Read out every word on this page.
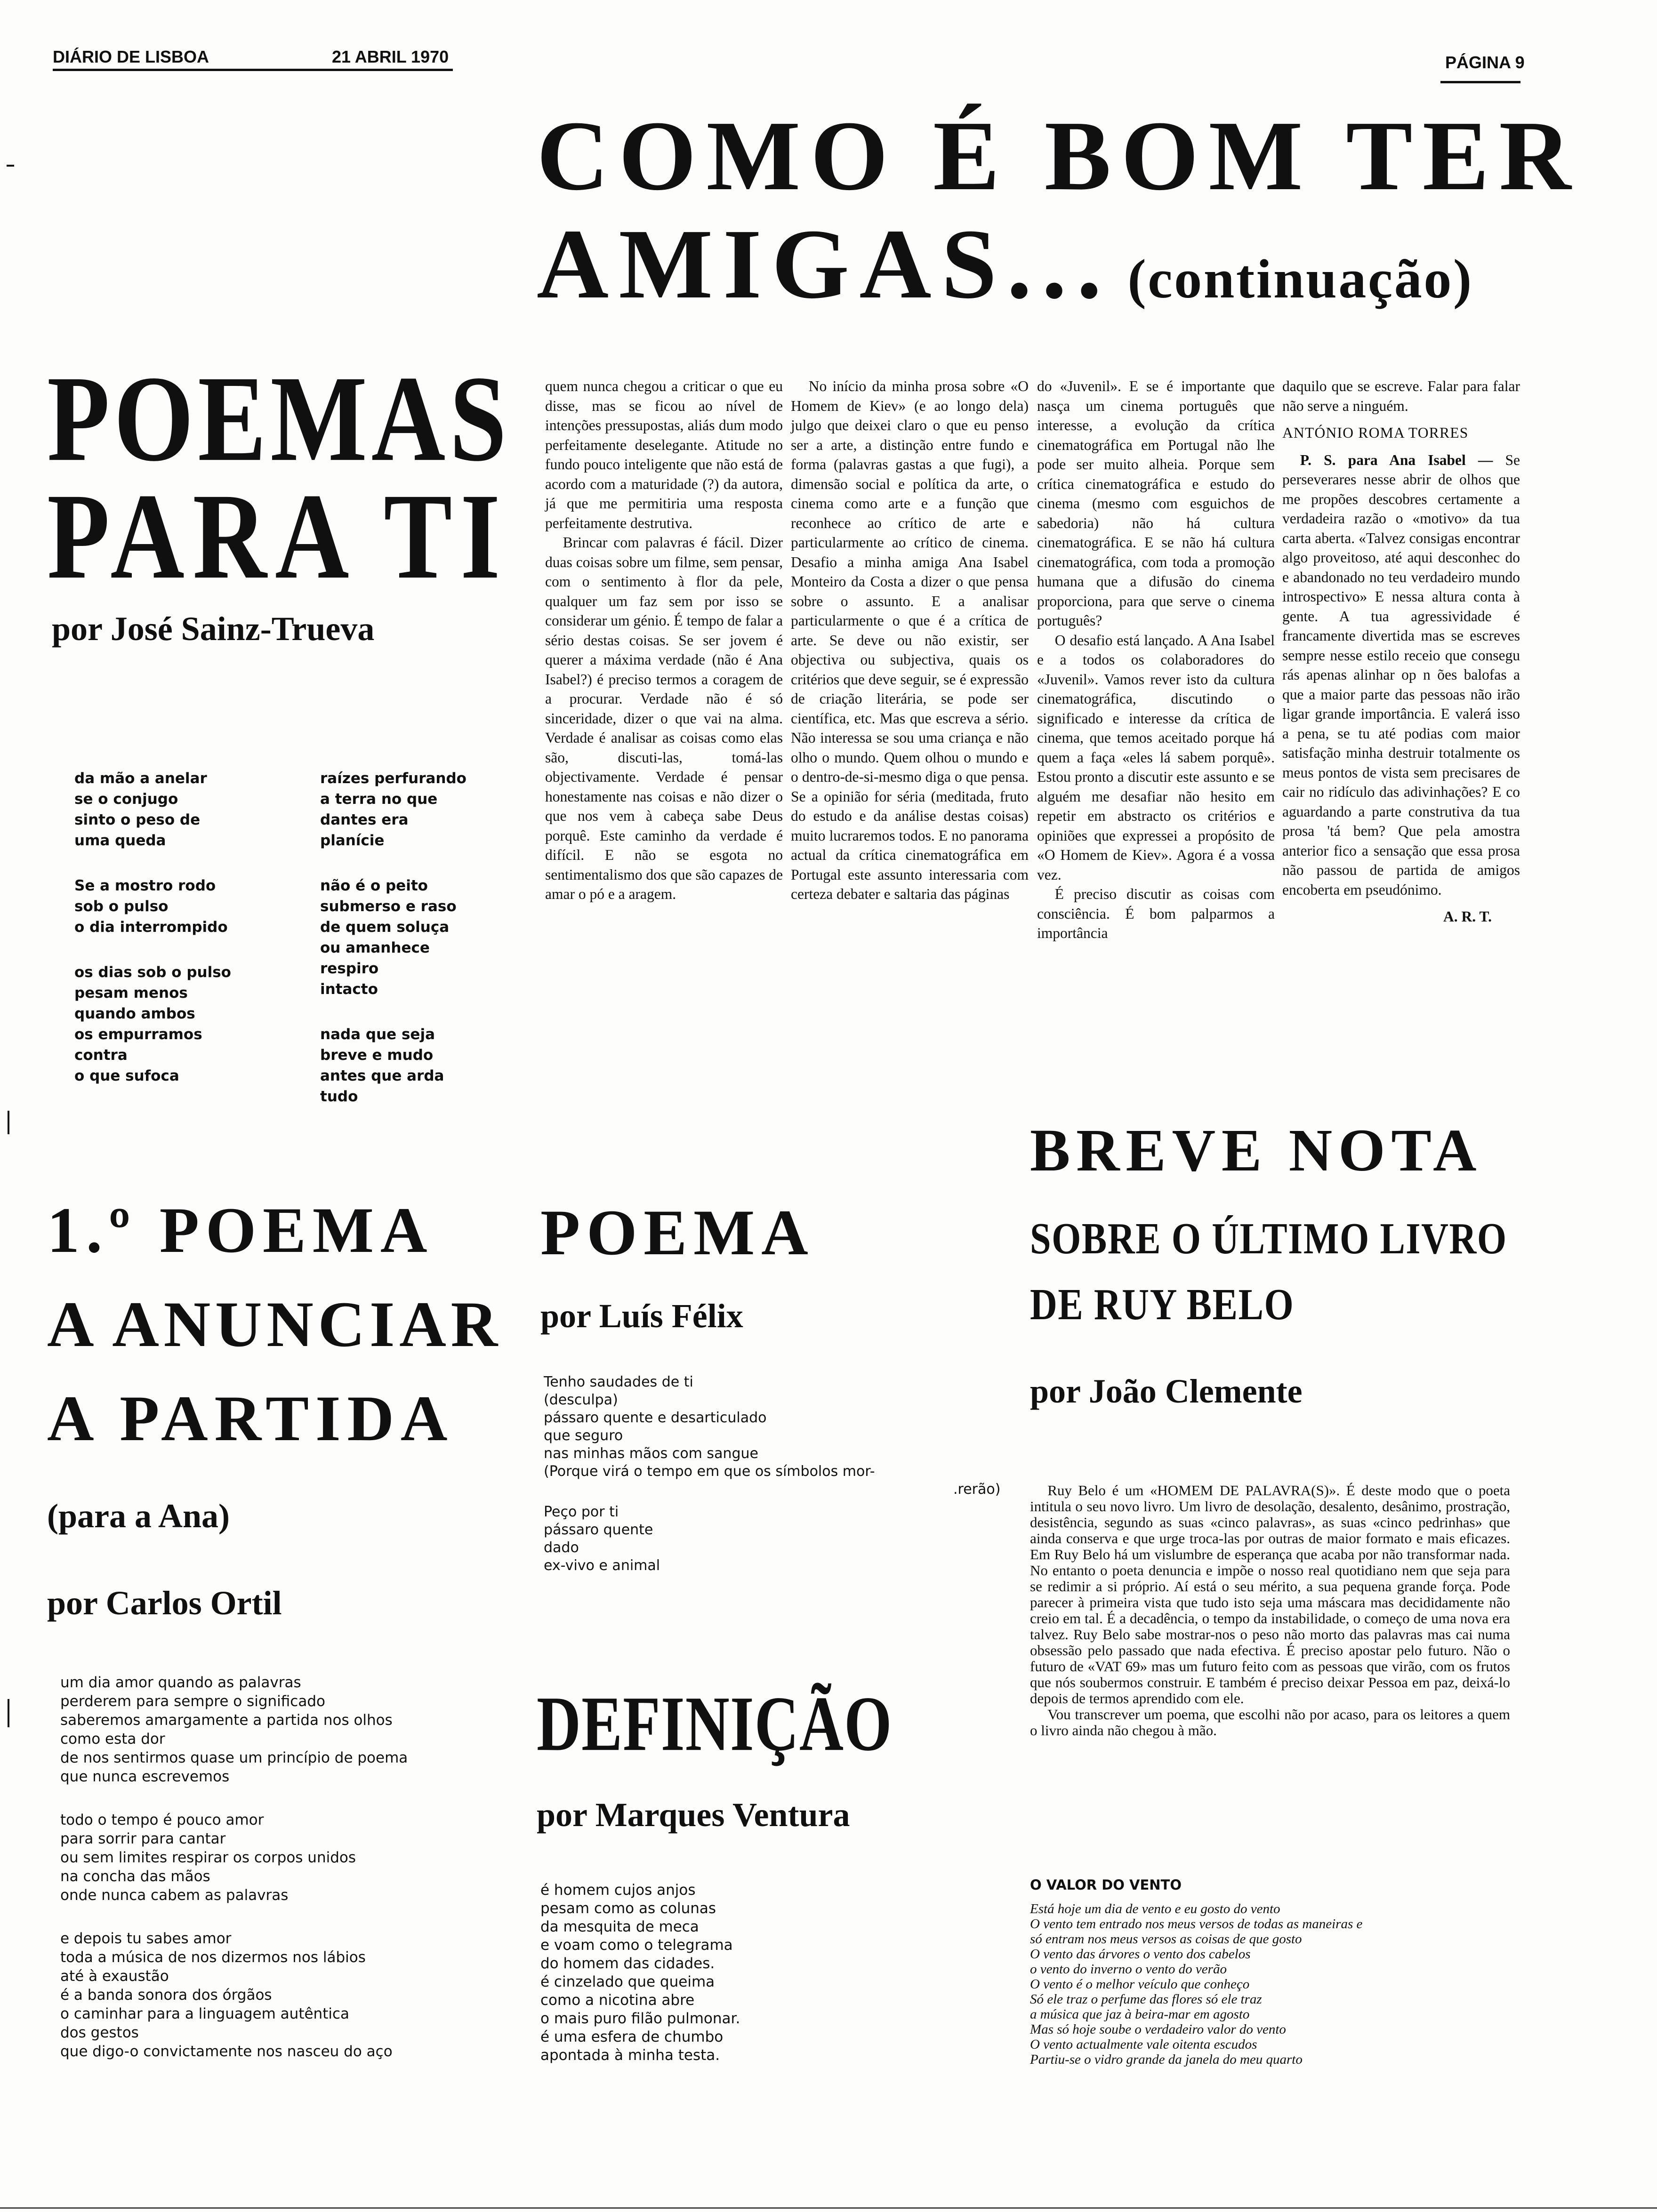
DIÁRIO DE LISBOA	21 ABRIL 1970	PÁGINA 9
COMO É BOM TER
AMIGAS... (continuação)
POEMAS
PARA TI
por José Sainz-Trueva
da mão a anelar
se o conjugo
sinto o peso de
uma queda
Se a mostro rodo
sob o pulso
o dia interrompido
os dias sob o pulso
pesam menos
quando ambos
os empurramos
contra
o que sufoca
raízes perfurando
a terra no que
dantes era
planície
não é o peito
submerso e raso
de quem soluça
ou amanhece
respiro
intacto
nada que seja
breve e mudo
antes que arda
tudo

quem nunca chegou a criticar o que eu disse, mas se ficou ao nível de intenções pressupostas, aliás dum modo perfeitamente deselegante. Atitude no fundo pouco inteligente que não está de acordo com a maturidade (?) da autora, já que me permitiria uma resposta perfeitamente destrutiva.

Brincar com palavras é fácil. Dizer duas coisas sobre um filme, sem pensar, com o sentimento à flor da pele, qualquer um faz sem por isso se considerar um génio. É tempo de falar a sério destas coisas. Se ser jovem é querer a máxima verdade (não é Ana Isabel?) é preciso termos a coragem de a procurar. Verdade não é só sinceridade, dizer o que vai na alma. Verdade é analisar as coisas como elas são, discuti-las, tomá-las objectivamente. Verdade é pensar honestamente nas coisas e não dizer o que nos vem à cabeça sabe Deus porquê. Este caminho da verdade é difícil. E não se esgota no sentimentalismo dos que são capazes de amar o pó e a aragem.

No início da minha prosa sobre «O Homem de Kiev» (e ao longo dela) julgo que deixei claro o que eu penso ser a arte, a distinção entre fundo e forma (palavras gastas a que fugi), a dimensão social e política da arte, o cinema como arte e a função que reconhece ao crítico de arte e particularmente ao crítico de cinema. Desafio a minha amiga Ana Isabel Monteiro da Costa a dizer o que pensa sobre o assunto. E a analisar particularmente o que é a crítica de arte. Se deve ou não existir, ser objectiva ou subjectiva, quais os critérios que deve seguir, se é expressão de criação literária, se pode ser científica, etc. Mas que escreva a sério. Não interessa se sou uma criança e não olho o mundo. Quem olhou o mundo e o dentro-de-si-mesmo diga o que pensa. Se a opinião for séria (meditada, fruto do estudo e da análise destas coisas) muito lucraremos todos. E no panorama actual da crítica cinematográfica em Portugal este assunto interessaria com certeza debater e saltaria das páginas

do «Juvenil». E se é importante que nasça um cinema português que interesse, a evolução da crítica cinematográfica em Portugal não lhe pode ser muito alheia. Porque sem crítica cinematográfica e estudo do cinema (mesmo com esguichos de sabedoria) não há cultura cinematográfica. E se não há cultura cinematográfica, com toda a promoção humana que a difusão do cinema proporciona, para que serve o cinema português?

O desafio está lançado. A Ana Isabel e a todos os colaboradores do «Juvenil». Vamos rever isto da cultura cinematográfica, discutindo o significado e interesse da crítica de cinema, que temos aceitado porque há quem a faça «eles lá sabem porquê». Estou pronto a discutir este assunto e se alguém me desafiar não hesito em repetir em abstracto os critérios e opiniões que expressei a propósito de «O Homem de Kiev». Agora é a vossa vez.

É preciso discutir as coisas com consciência. É bom palparmos a importância

daquilo que se escreve. Falar para falar não serve a ninguém.

ANTÓNIO ROMA TORRES

P. S. para Ana Isabel — Se perseverares nesse abrir de olhos que me propões descobres certamente a verdadeira razão o «motivo» da tua carta aberta. «Talvez consigas encontrar algo proveitoso, até aqui desconhec do e abandonado no teu verdadeiro mundo introspectivo» E nessa altura conta à gente. A tua agressividade é francamente divertida mas se escreves sempre nesse estilo receio que consegu rás apenas alinhar op n ões balofas a que a maior parte das pessoas não irão ligar grande importância. E valerá isso a pena, se tu até podias com maior satisfação minha destruir totalmente os meus pontos de vista sem precisares de cair no ridículo das adivinhações? E co aguardando a parte construtiva da tua prosa 'tá bem? Que pela amostra anterior fico a sensação que essa prosa não passou de partida de amigos encoberta em pseudónimo.

A. R. T.

BREVE NOTA
SOBRE O ÚLTIMO LIVRO
DE RUY BELO
por João Clemente

Ruy Belo é um «HOMEM DE PALAVRA(S)». É deste modo que o poeta intitula o seu novo livro. Um livro de desolação, desalento, desânimo, prostração, desistência, segundo as suas «cinco palavras», as suas «cinco pedrinhas» que ainda conserva e que urge troca-las por outras de maior formato e mais eficazes. Em Ruy Belo há um vislumbre de esperança que acaba por não transformar nada. No entanto o poeta denuncia e impõe o nosso real quotidiano nem que seja para se redimir a si próprio. Aí está o seu mérito, a sua pequena grande força. Pode parecer à primeira vista que tudo isto seja uma máscara mas decididamente não creio em tal. É a decadência, o tempo da instabilidade, o começo de uma nova era talvez. Ruy Belo sabe mostrar-nos o peso não morto das palavras mas cai numa obsessão pelo passado que nada efectiva. É preciso apostar pelo futuro. Não o futuro de «VAT 69» mas um futuro feito com as pessoas que virão, com os frutos que nós soubermos construir. E também é preciso deixar Pessoa em paz, deixá-lo depois de termos aprendido com ele.

Vou transcrever um poema, que escolhi não por acaso, para os leitores a quem o livro ainda não chegou à mão.

O VALOR DO VENTO
Está hoje um dia de vento e eu gosto do vento
O vento tem entrado nos meus versos de todas as maneiras e
só entram nos meus versos as coisas de que gosto
O vento das árvores o vento dos cabelos
o vento do inverno o vento do verão
O vento é o melhor veículo que conheço
Só ele traz o perfume das flores só ele traz
a música que jaz à beira-mar em agosto
Mas só hoje soube o verdadeiro valor do vento
O vento actualmente vale oitenta escudos
Partiu-se o vidro grande da janela do meu quarto
1.º POEMA
A ANUNCIAR
A PARTIDA
(para a Ana)
por Carlos Ortil
um dia amor quando as palavras
perderem para sempre o significado
saberemos amargamente a partida nos olhos
como esta dor
de nos sentirmos quase um princípio de poema
que nunca escrevemos
todo o tempo é pouco amor
para sorrir para cantar
ou sem limites respirar os corpos unidos
na concha das mãos
onde nunca cabem as palavras
e depois tu sabes amor
toda a música de nos dizermos nos lábios
até à exaustão
é a banda sonora dos órgãos
o caminhar para a linguagem autêntica
dos gestos
que digo-o convictamente nos nasceu do aço
POEMA
por Luís Félix
Tenho saudades de ti
(desculpa)
pássaro quente e desarticulado
que seguro
nas minhas mãos com sangue
(Porque virá o tempo em que os símbolos mor-
.rerão)
Peço por ti
pássaro quente
dado
ex-vivo e animal
DEFINIÇÃO
por Marques Ventura
é homem cujos anjos
pesam como as colunas
da mesquita de meca
e voam como o telegrama
do homem das cidades.
é cinzelado que queima
como a nicotina abre
o mais puro filão pulmonar.
é uma esfera de chumbo
apontada à minha testa.
